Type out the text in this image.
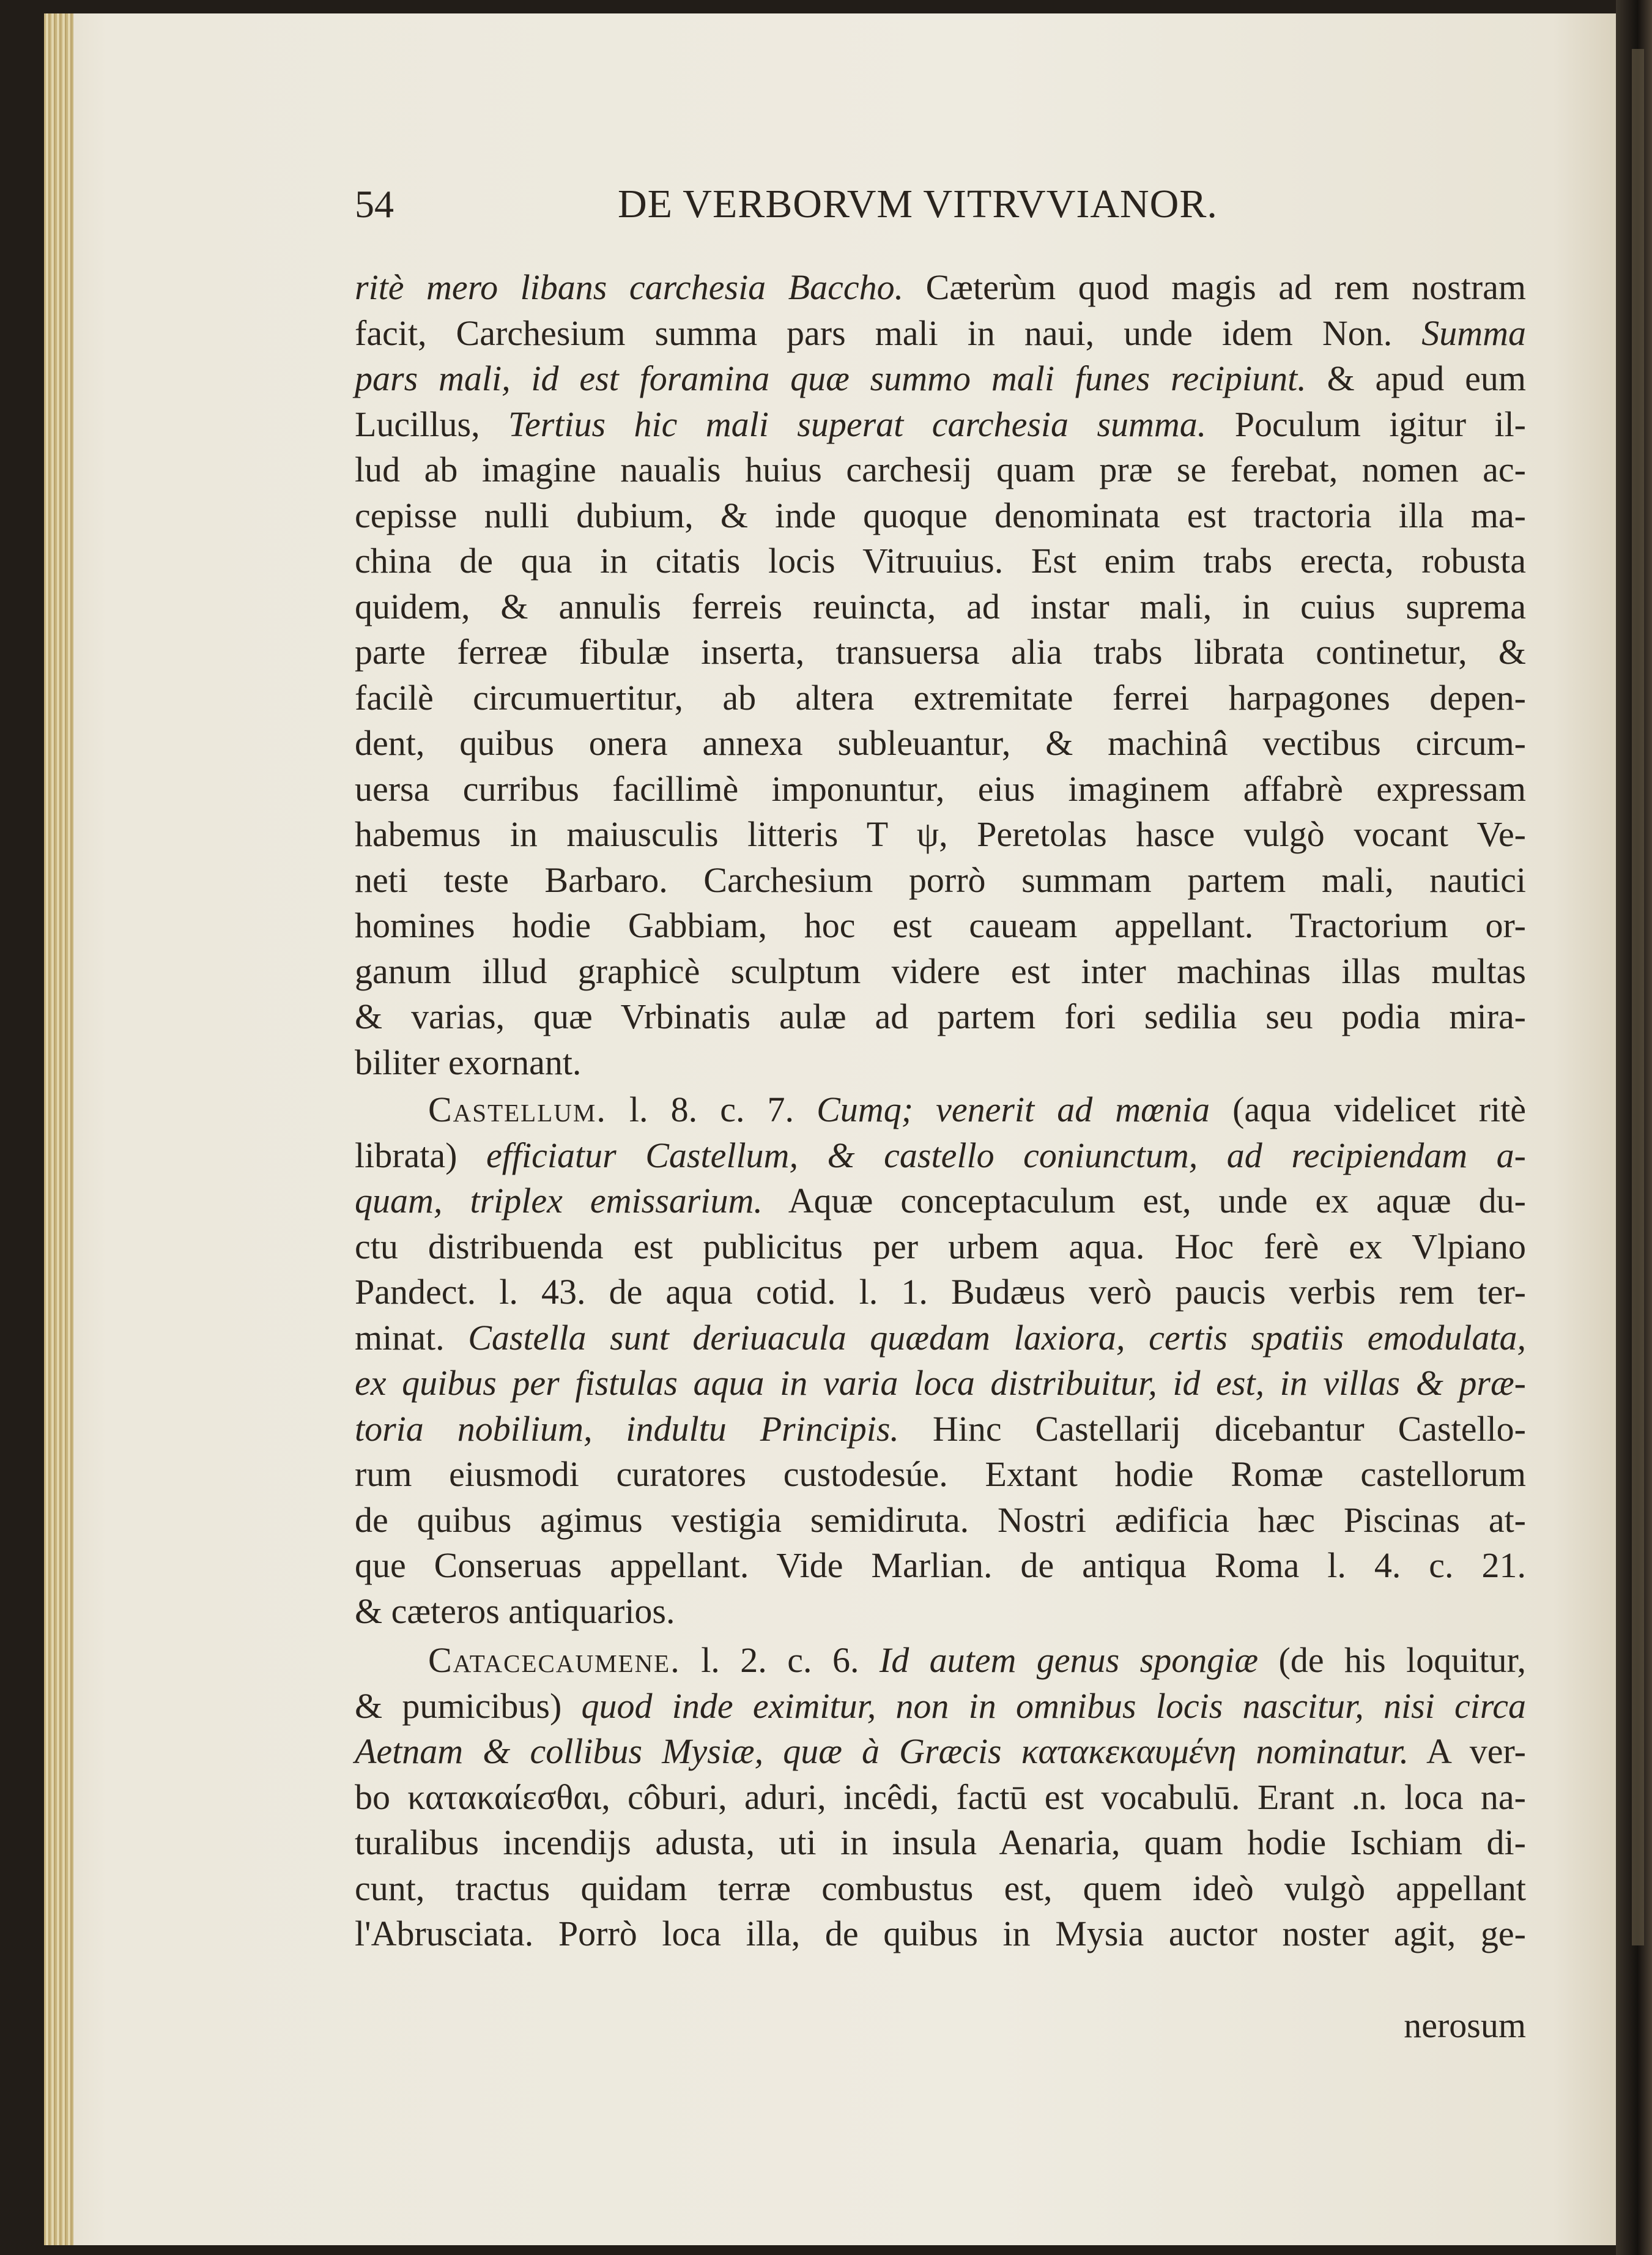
54	DE VERBORVM VITRVVIANOR.
ritè mero libans carchesia Baccho. Cæterùm quod magis ad rem nostram
facit, Carchesium summa pars mali in naui, unde idem Non. Summa
pars mali, id est foramina quæ summo mali funes recipiunt. & apud eum
Lucillus, Tertius hic mali superat carchesia summa. Poculum igitur il-
lud ab imagine naualis huius carchesij quam præ se ferebat, nomen ac-
cepisse nulli dubium, & inde quoque denominata est tractoria illa ma-
china de qua in citatis locis Vitruuius. Est enim trabs erecta, robusta
quidem, & annulis ferreis reuincta, ad instar mali, in cuius suprema
parte ferreæ fibulæ inserta, transuersa alia trabs librata continetur, &
facilè circumuertitur, ab altera extremitate ferrei harpagones depen-
dent, quibus onera annexa subleuantur, & machinâ vectibus circum-
uersa curribus facillimè imponuntur, eius imaginem affabrè expressam
habemus in maiusculis litteris T ψ, Peretolas hasce vulgò vocant Ve-
neti teste Barbaro. Carchesium porrò summam partem mali, nautici
homines hodie Gabbiam, hoc est caueam appellant. Tractorium or-
ganum illud graphicè sculptum videre est inter machinas illas multas
& varias, quæ Vrbinatis aulæ ad partem fori sedilia seu podia mira-
biliter exornant.
Castellum. l. 8. c. 7. Cumq; venerit ad mœnia (aqua videlicet ritè
librata) efficiatur Castellum, & castello coniunctum, ad recipiendam a-
quam, triplex emissarium. Aquæ conceptaculum est, unde ex aquæ du-
ctu distribuenda est publicitus per urbem aqua. Hoc ferè ex Vlpiano
Pandect. l. 43. de aqua cotid. l. 1. Budæus verò paucis verbis rem ter-
minat. Castella sunt deriuacula quædam laxiora, certis spatiis emodulata,
ex quibus per fistulas aqua in varia loca distribuitur, id est, in villas & præ-
toria nobilium, indultu Principis. Hinc Castellarij dicebantur Castello-
rum eiusmodi curatores custodesúe. Extant hodie Romæ castellorum
de quibus agimus vestigia semidiruta. Nostri ædificia hæc Piscinas at-
que Conseruas appellant. Vide Marlian. de antiqua Roma l. 4. c. 21.
& cæteros antiquarios.
Catacecaumene. l. 2. c. 6. Id autem genus spongiæ (de his loquitur,
& pumicibus) quod inde eximitur, non in omnibus locis nascitur, nisi circa
Aetnam & collibus Mysiæ, quæ à Græcis κατακεκαυμένη nominatur. A ver-
bo κατακαίεσθαι, côburi, aduri, incêdi, factū est vocabulū. Erant .n. loca na-
turalibus incendijs adusta, uti in insula Aenaria, quam hodie Ischiam di-
cunt, tractus quidam terræ combustus est, quem ideò vulgò appellant
l'Abrusciata. Porrò loca illa, de quibus in Mysia auctor noster agit, ge-
nerosum
